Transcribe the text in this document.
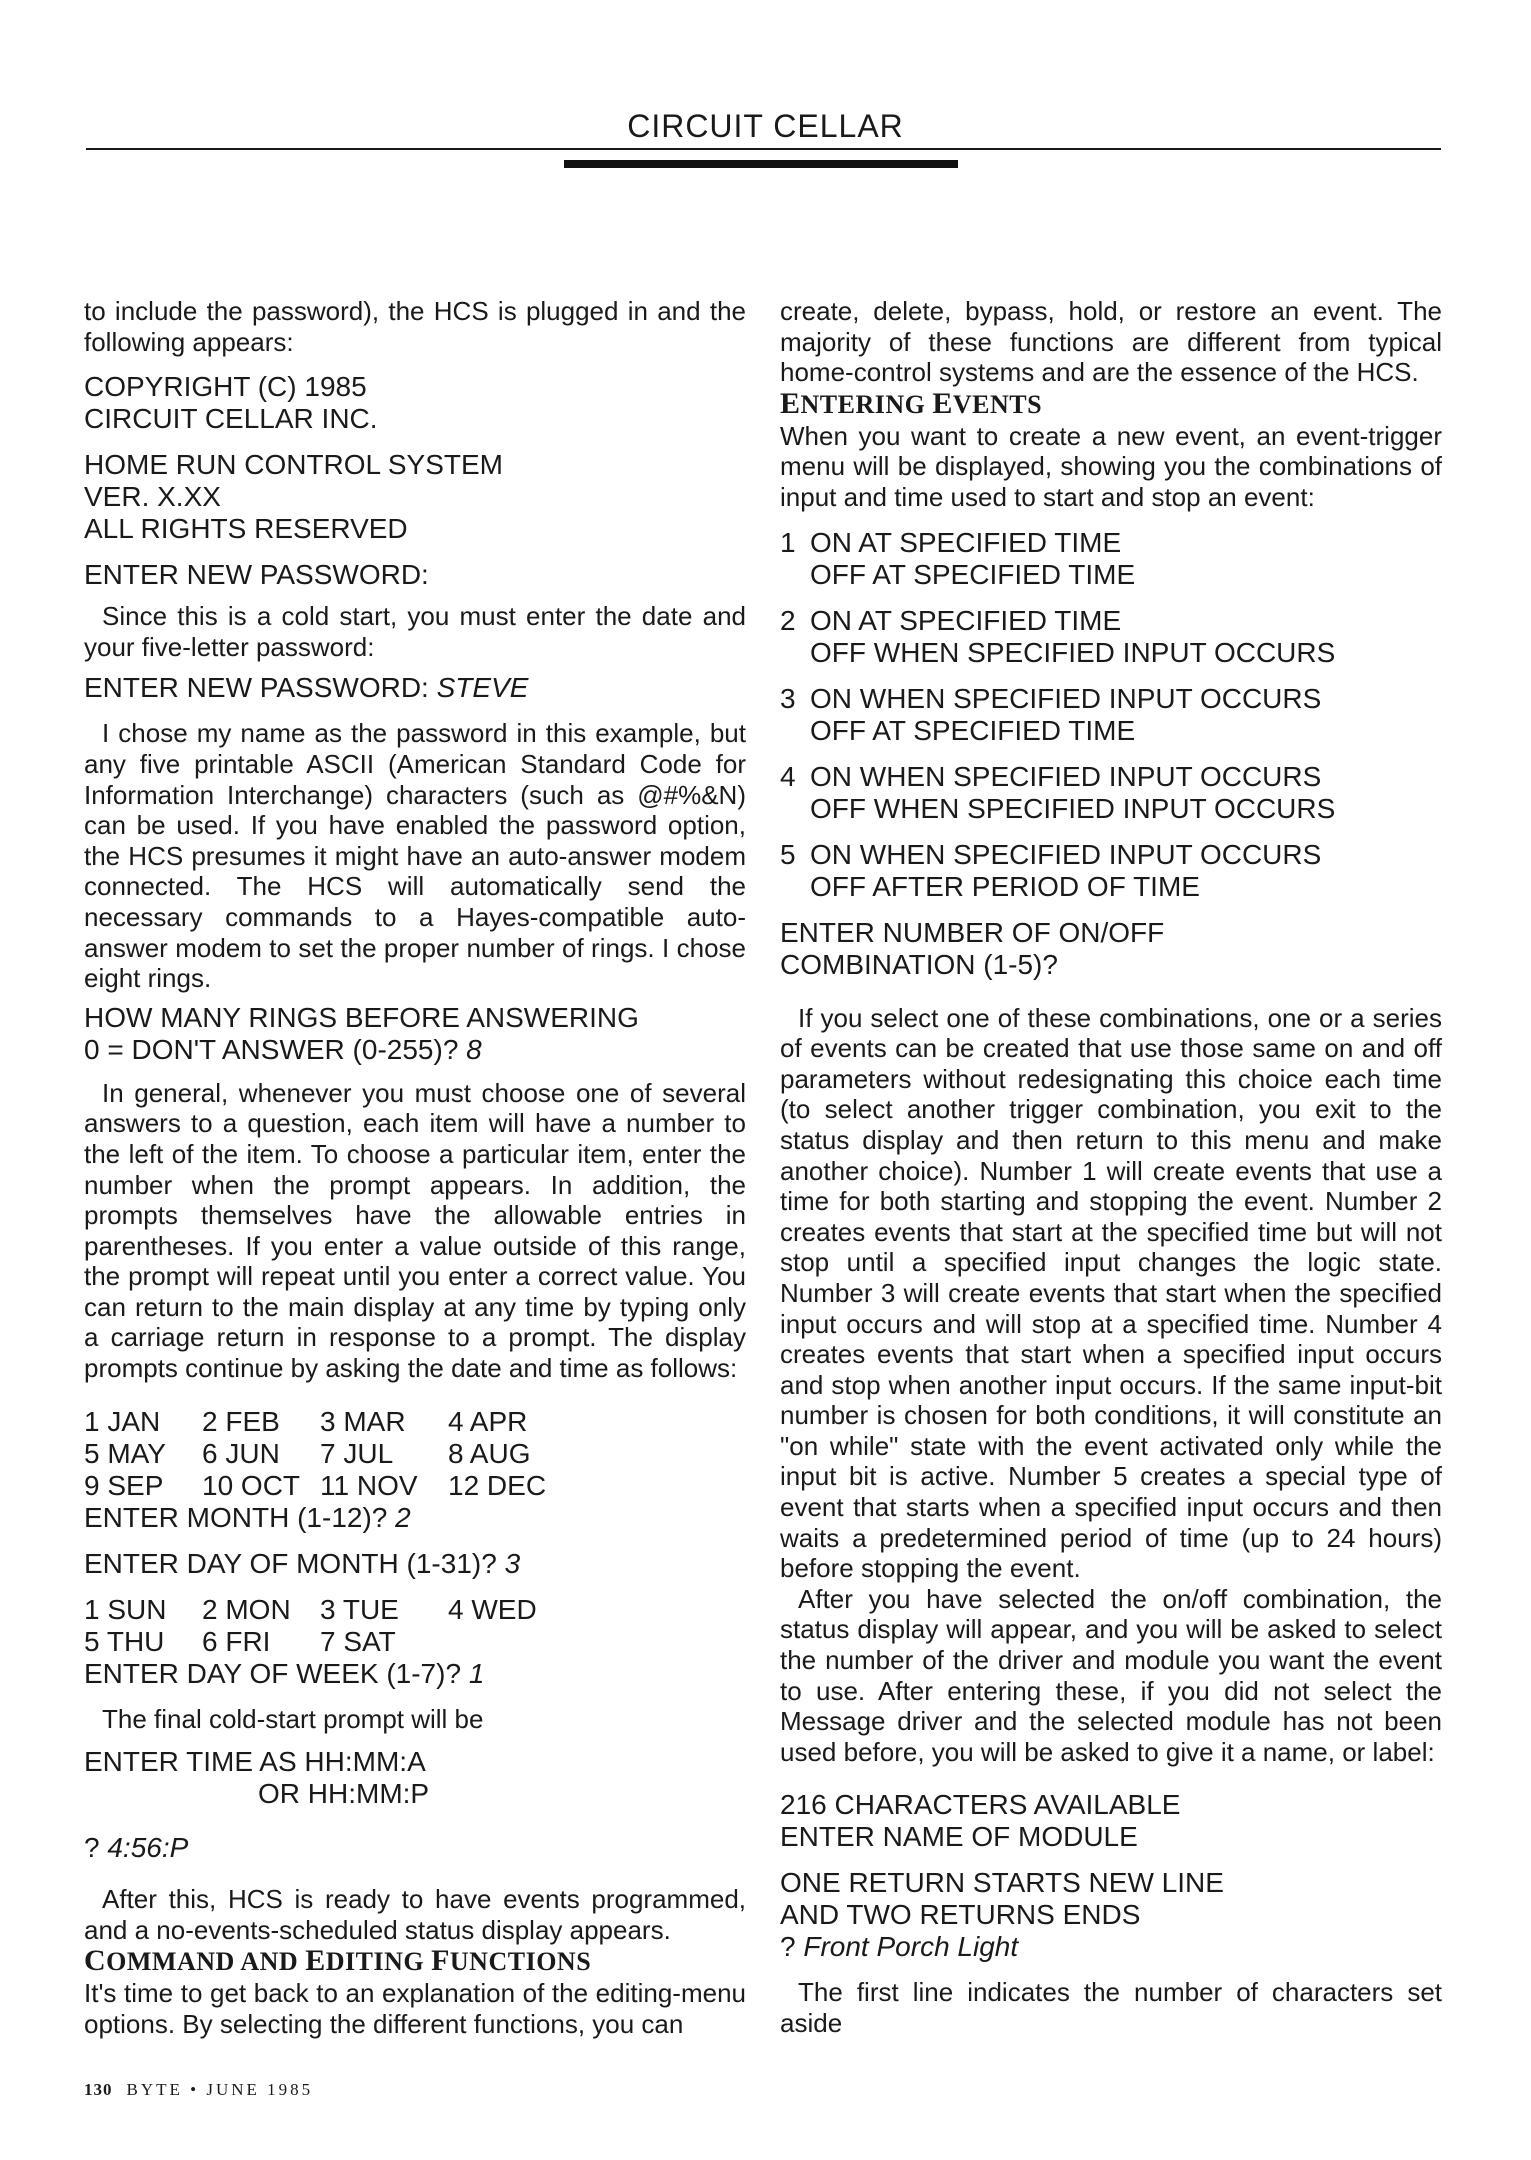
CIRCUIT CELLAR

to include the password), the HCS is plugged in and the following appears:

COPYRIGHT (C) 1985

CIRCUIT CELLAR INC.

HOME RUN CONTROL SYSTEM

VER. X.XX

ALL RIGHTS RESERVED

ENTER NEW PASSWORD:

Since this is a cold start, you must enter the date and your five-letter password:

ENTER NEW PASSWORD: STEVE

I chose my name as the password in this example, but any five printable ASCII (American Standard Code for Information Interchange) characters (such as @#%&N) can be used. If you have enabled the password option, the HCS presumes it might have an auto-answer modem connected. The HCS will automatically send the necessary commands to a Hayes-compatible auto-answer modem to set the proper number of rings. I chose eight rings.

HOW MANY RINGS BEFORE ANSWERING

0 = DON'T ANSWER (0-255)? 8

In general, whenever you must choose one of several answers to a question, each item will have a number to the left of the item. To choose a particular item, enter the number when the prompt appears. In addition, the prompts themselves have the allowable entries in parentheses. If you enter a value outside of this range, the prompt will repeat until you enter a correct value. You can return to the main display at any time by typing only a carriage return in response to a prompt. The display prompts continue by asking the date and time as follows:

1 JAN	2 FEB	3 MAR	4 APR
5 MAY	6 JUN	7 JUL	8 AUG
9 SEP	10 OCT 11 NOV	12 DEC

ENTER MONTH (1-12)? 2

ENTER DAY OF MONTH (1-31)? 3

1 SUN	2 MON	3 TUE	4 WED
5 THU	6 FRI	7 SAT

ENTER DAY OF WEEK (1-7)? 1

The final cold-start prompt will be

ENTER TIME AS HH:MM:A

OR HH:MM:P

? 4:56:P

After this, HCS is ready to have events programmed, and a no-events-scheduled status display appears.

COMMAND AND EDITING FUNCTIONS

It's time to get back to an explanation of the editing-menu options. By selecting the different functions, you can

create, delete, bypass, hold, or restore an event. The majority of these functions are different from typical home-control systems and are the essence of the HCS.

ENTERING EVENTS

When you want to create a new event, an event-trigger menu will be displayed, showing you the combinations of input and time used to start and stop an event:

1 ON AT SPECIFIED TIME
OFF AT SPECIFIED TIME
2 ON AT SPECIFIED TIME
OFF WHEN SPECIFIED INPUT OCCURS
3 ON WHEN SPECIFIED INPUT OCCURS
OFF AT SPECIFIED TIME
4 ON WHEN SPECIFIED INPUT OCCURS
OFF WHEN SPECIFIED INPUT OCCURS
5 ON WHEN SPECIFIED INPUT OCCURS
OFF AFTER PERIOD OF TIME

ENTER NUMBER OF ON/OFF

COMBINATION (1-5)?

If you select one of these combinations, one or a series of events can be created that use those same on and off parameters without redesignating this choice each time (to select another trigger combination, you exit to the status display and then return to this menu and make another choice). Number 1 will create events that use a time for both starting and stopping the event. Number 2 creates events that start at the specified time but will not stop until a specified input changes the logic state. Number 3 will create events that start when the specified input occurs and will stop at a specified time. Number 4 creates events that start when a specified input occurs and stop when another input occurs. If the same input-bit number is chosen for both conditions, it will constitute an "on while" state with the event activated only while the input bit is active. Number 5 creates a special type of event that starts when a specified input occurs and then waits a predetermined period of time (up to 24 hours) before stopping the event.

After you have selected the on/off combination, the status display will appear, and you will be asked to select the number of the driver and module you want the event to use. After entering these, if you did not select the Message driver and the selected module has not been used before, you will be asked to give it a name, or label:

216 CHARACTERS AVAILABLE

ENTER NAME OF MODULE

ONE RETURN STARTS NEW LINE

AND TWO RETURNS ENDS

? Front Porch Light

The first line indicates the number of characters set aside

130 BYTE • JUNE 1985
